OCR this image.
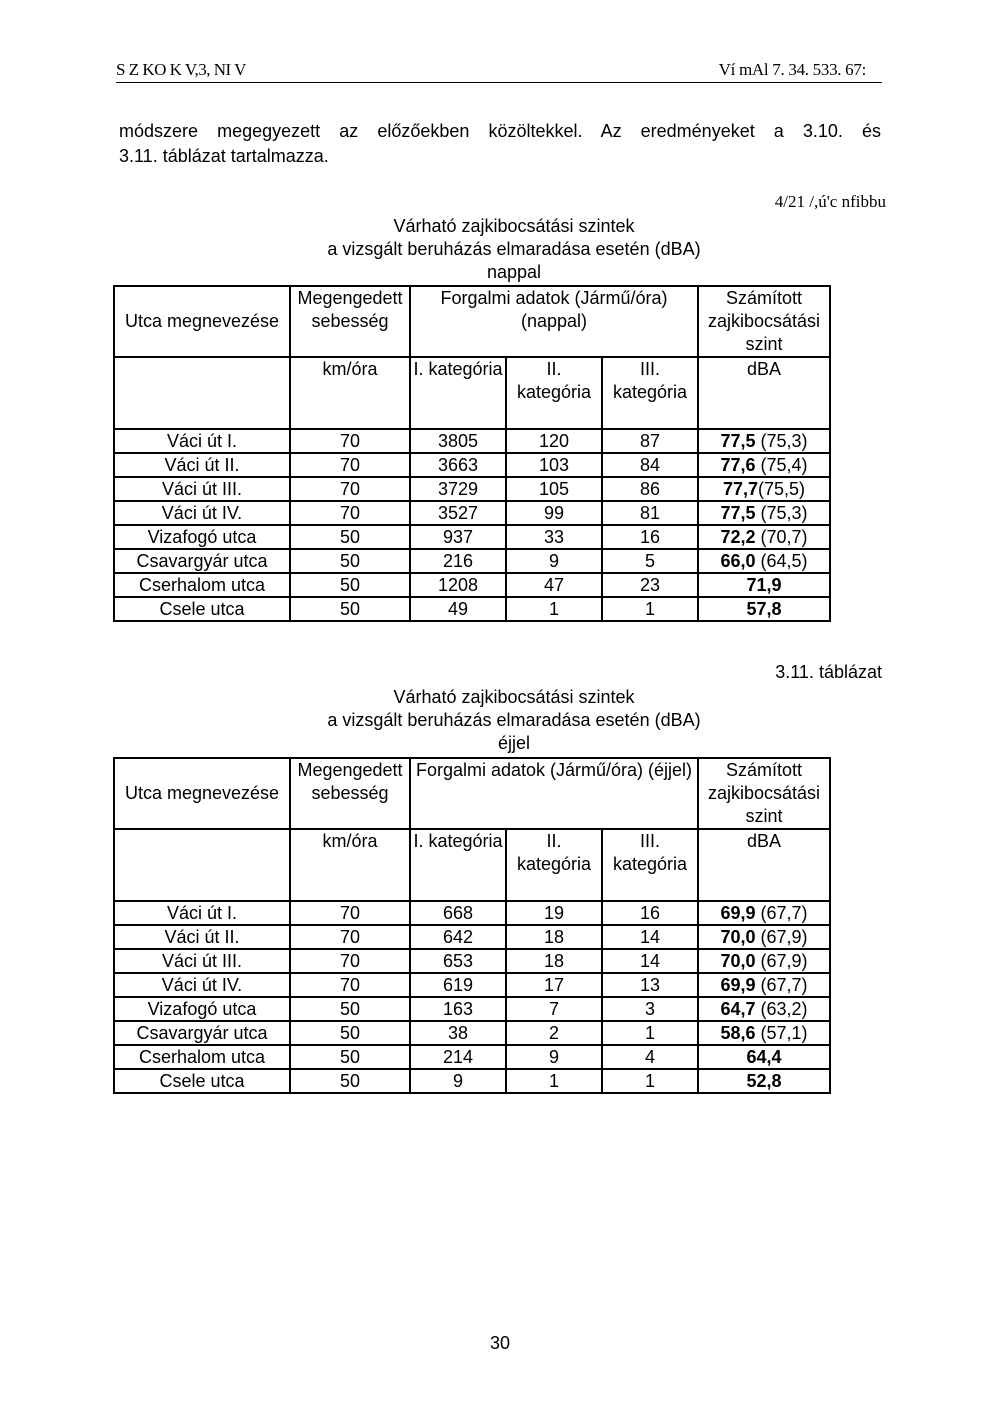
S Z KO K V,3, NI V	Ví mAl 7. 34. 533. 67:
módszere megegyezett az előzőekben közöltekkel. Az eredményeket a 3.10. és
3.11. táblázat tartalmazza.
4/21 /,ú'c nfibbu
Várható zajkibocsátási szintek
a vizsgált beruházás elmaradása esetén (dBA)
nappal
Utca megnevezése	Megengedett sebesség	Forgalmi adatok (Jármű/óra) (nappal)			Számított zajkibocsátási szint
	km/óra	I. kategória	II. kategória	III. kategória	dBA
Váci út I.	70	3805	120	87	77,5 (75,3)
Váci út II.	70	3663	103	84	77,6 (75,4)
Váci út III.	70	3729	105	86	77,7(75,5)
Váci út IV.	70	3527	99	81	77,5 (75,3)
Vizafogó utca	50	937	33	16	72,2 (70,7)
Csavargyár utca	50	216	9	5	66,0 (64,5)
Cserhalom utca	50	1208	47	23	71,9
Csele utca	50	49	1	1	57,8
3.11. táblázat
Várható zajkibocsátási szintek
a vizsgált beruházás elmaradása esetén (dBA)
éjjel
Utca megnevezése	Megengedett sebesség	Forgalmi adatok (Jármű/óra) (éjjel)			Számított zajkibocsátási szint
	km/óra	I. kategória	II. kategória	III. kategória	dBA
Váci út I.	70	668	19	16	69,9 (67,7)
Váci út II.	70	642	18	14	70,0 (67,9)
Váci út III.	70	653	18	14	70,0 (67,9)
Váci út IV.	70	619	17	13	69,9 (67,7)
Vizafogó utca	50	163	7	3	64,7 (63,2)
Csavargyár utca	50	38	2	1	58,6 (57,1)
Cserhalom utca	50	214	9	4	64,4
Csele utca	50	9	1	1	52,8
30
